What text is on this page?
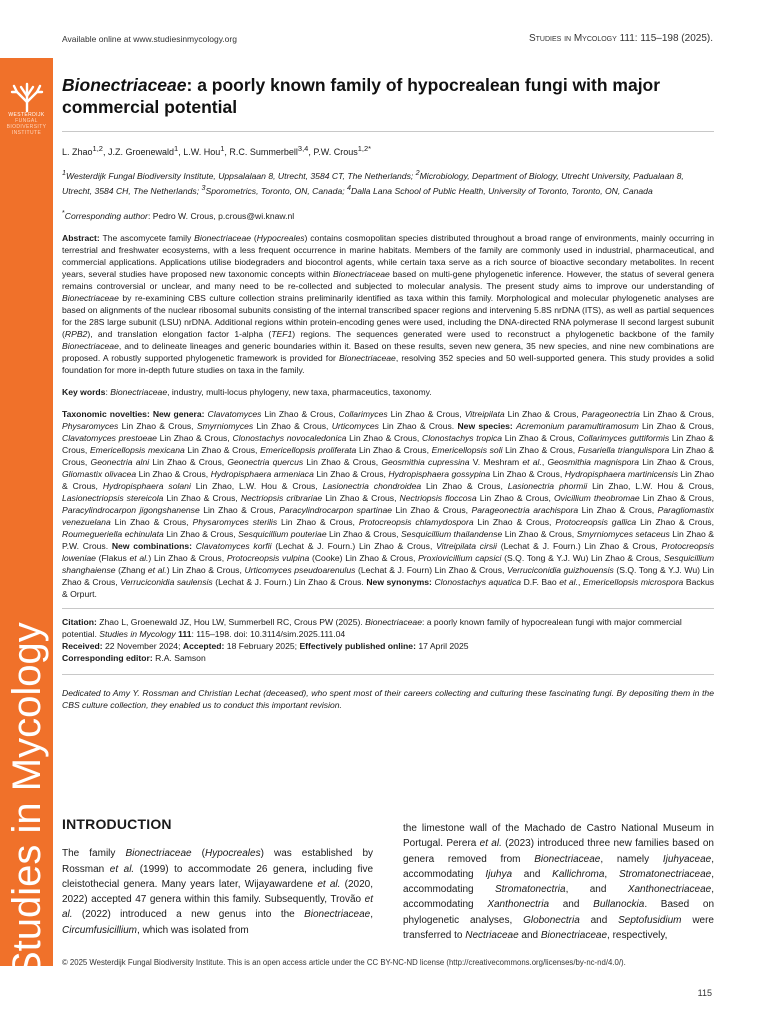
WESTERDIJK
FUNGAL
BIODIVERSITY
INSTITUTE
Studies in Mycology
Available online at www.studiesinmycology.org	Studies in Mycology 111: 115–198 (2025).
Bionectriaceae: a poorly known family of hypocrealean fungi with major commercial potential
L. Zhao$^{1,2}$, J.Z. Groenewald$^1$, L.W. Hou$^1$, R.C. Summerbell$^{3,4}$, P.W. Crous$^{1,2*}$
$^1$Westerdijk Fungal Biodiversity Institute, Uppsalalaan 8, Utrecht, 3584 CT, The Netherlands; $^2$Microbiology, Department of Biology, Utrecht University, Padualaan 8, Utrecht, 3584 CH, The Netherlands; $^3$Sporometrics, Toronto, ON, Canada; $^4$Dalla Lana School of Public Health, University of Toronto, Toronto, ON, Canada
*Corresponding author: Pedro W. Crous, p.crous@wi.knaw.nl
Abstract: The ascomycete family Bionectriaceae (Hypocreales) contains cosmopolitan species distributed throughout a broad range of environments, mainly occurring in terrestrial and freshwater ecosystems, with a less frequent occurrence in marine habitats. Members of the family are commonly used in industrial, pharmaceutical, and commercial applications. Applications utilise biodegraders and biocontrol agents, while certain taxa serve as a rich source of bioactive secondary metabolites. In recent years, several studies have proposed new taxonomic concepts within Bionectriaceae based on multi-gene phylogenetic inference. However, the status of several genera remains controversial or unclear, and many need to be re-collected and subjected to molecular analysis. The present study aims to improve our understanding of Bionectriaceae by re-examining CBS culture collection strains preliminarily identified as taxa within this family. Morphological and molecular phylogenetic analyses are based on alignments of the nuclear ribosomal subunits consisting of the internal transcribed spacer regions and intervening 5.8S nrDNA (ITS), as well as partial sequences for the 28S large subunit (LSU) nrDNA. Additional regions within protein-encoding genes were used, including the DNA-directed RNA polymerase II second largest subunit (RPB2), and translation elongation factor 1-alpha (TEF1) regions. The sequences generated were used to reconstruct a phylogenetic backbone of the family Bionectriaceae, and to delineate lineages and generic boundaries within it. Based on these results, seven new genera, 35 new species, and nine new combinations are proposed. A robustly supported phylogenetic framework is provided for Bionectriaceae, resolving 352 species and 50 well-supported genera. This study provides a solid foundation for more in-depth future studies on taxa in the family.
Key words: Bionectriaceae, industry, multi-locus phylogeny, new taxa, pharmaceutics, taxonomy.
Taxonomic novelties: New genera: Clavatomyces Lin Zhao & Crous, Collarimyces Lin Zhao & Crous, Vitreipilata Lin Zhao & Crous, Parageonectria Lin Zhao & Crous, Physaromyces Lin Zhao & Crous, Smyrniomyces Lin Zhao & Crous, Urticomyces Lin Zhao & Crous. New species: Acremonium paramultiramosum Lin Zhao & Crous, Clavatomyces prestoeae Lin Zhao & Crous, Clonostachys novocaledonica Lin Zhao & Crous, Clonostachys tropica Lin Zhao & Crous, Collarimyces guttiformis Lin Zhao & Crous, Emericellopsis mexicana Lin Zhao & Crous, Emericellopsis proliferata Lin Zhao & Crous, Emericellopsis soli Lin Zhao & Crous, Fusariella triangulispora Lin Zhao & Crous, Geonectria alni Lin Zhao & Crous, Geonectria quercus Lin Zhao & Crous, Geosmithia cupressina V. Meshram et al., Geosmithia magnispora Lin Zhao & Crous, Gliomastix olivacea Lin Zhao & Crous, Hydropisphaera armeniaca Lin Zhao & Crous, Hydropisphaera gossypina Lin Zhao & Crous, Hydropisphaera martinicensis Lin Zhao & Crous, Hydropisphaera solani Lin Zhao, L.W. Hou & Crous, Lasionectria chondroidea Lin Zhao & Crous, Lasionectria phormii Lin Zhao, L.W. Hou & Crous, Lasionectriopsis stereicola Lin Zhao & Crous, Nectriopsis cribrariae Lin Zhao & Crous, Nectriopsis floccosa Lin Zhao & Crous, Ovicillium theobromae Lin Zhao & Crous, Paracylindrocarpon jigongshanense Lin Zhao & Crous, Paracylindrocarpon spartinae Lin Zhao & Crous, Parageonectria arachispora Lin Zhao & Crous, Paragliomastix venezuelana Lin Zhao & Crous, Physaromyces sterilis Lin Zhao & Crous, Protocreopsis chlamydospora Lin Zhao & Crous, Protocreopsis gallica Lin Zhao & Crous, Roumegueriella echinulata Lin Zhao & Crous, Sesquicillium pouteriae Lin Zhao & Crous, Sesquicillium thailandense Lin Zhao & Crous, Smyrniomyces setaceus Lin Zhao & P.W. Crous. New combinations: Clavatomyces korfii (Lechat & J. Fourn.) Lin Zhao & Crous, Vitreipilata cirsii (Lechat & J. Fourn.) Lin Zhao & Crous, Protocreopsis loweniae (Flakus et al.) Lin Zhao & Crous, Protocreopsis vulpina (Cooke) Lin Zhao & Crous, Proxiovicillium capsici (S.Q. Tong & Y.J. Wu) Lin Zhao & Crous, Sesquicillium shanghaiense (Zhang et al.) Lin Zhao & Crous, Urticomyces pseudoarenulus (Lechat & J. Fourn) Lin Zhao & Crous, Verruciconidia guizhouensis (S.Q. Tong & Y.J. Wu) Lin Zhao & Crous, Verruciconidia saulensis (Lechat & J. Fourn.) Lin Zhao & Crous. New synonyms: Clonostachys aquatica D.F. Bao et al., Emericellopsis microspora Backus & Orpurt.
Citation: Zhao L, Groenewald JZ, Hou LW, Summerbell RC, Crous PW (2025). Bionectriaceae: a poorly known family of hypocrealean fungi with major commercial potential. Studies in Mycology 111: 115–198. doi: 10.3114/sim.2025.111.04
Received: 22 November 2024; Accepted: 18 February 2025; Effectively published online: 17 April 2025
Corresponding editor: R.A. Samson
Dedicated to Amy Y. Rossman and Christian Lechat (deceased), who spent most of their careers collecting and culturing these fascinating fungi. By depositing them in the CBS culture collection, they enabled us to conduct this important revision.
INTRODUCTION
The family Bionectriaceae (Hypocreales) was established by Rossman et al. (1999) to accommodate 26 genera, including five cleistothecial genera. Many years later, Wijayawardene et al. (2020, 2022) accepted 47 genera within this family. Subsequently, Trovão et al. (2022) introduced a new genus into the Bionectriaceae, Circumfusicillium, which was isolated from
the limestone wall of the Machado de Castro National Museum in Portugal. Perera et al. (2023) introduced three new families based on genera removed from Bionectriaceae, namely Ijuhyaceae, accommodating Ijuhya and Kallichroma, Stromatonectriaceae, accommodating Stromatonectria, and Xanthonectriaceae, accommodating Xanthonectria and Bullanockia. Based on phylogenetic analyses, Globonectria and Septofusidium were transferred to Nectriaceae and Bionectriaceae, respectively,
© 2025 Westerdijk Fungal Biodiversity Institute. This is an open access article under the CC BY-NC-ND license (http://creativecommons.org/licenses/by-nc-nd/4.0/).
115
